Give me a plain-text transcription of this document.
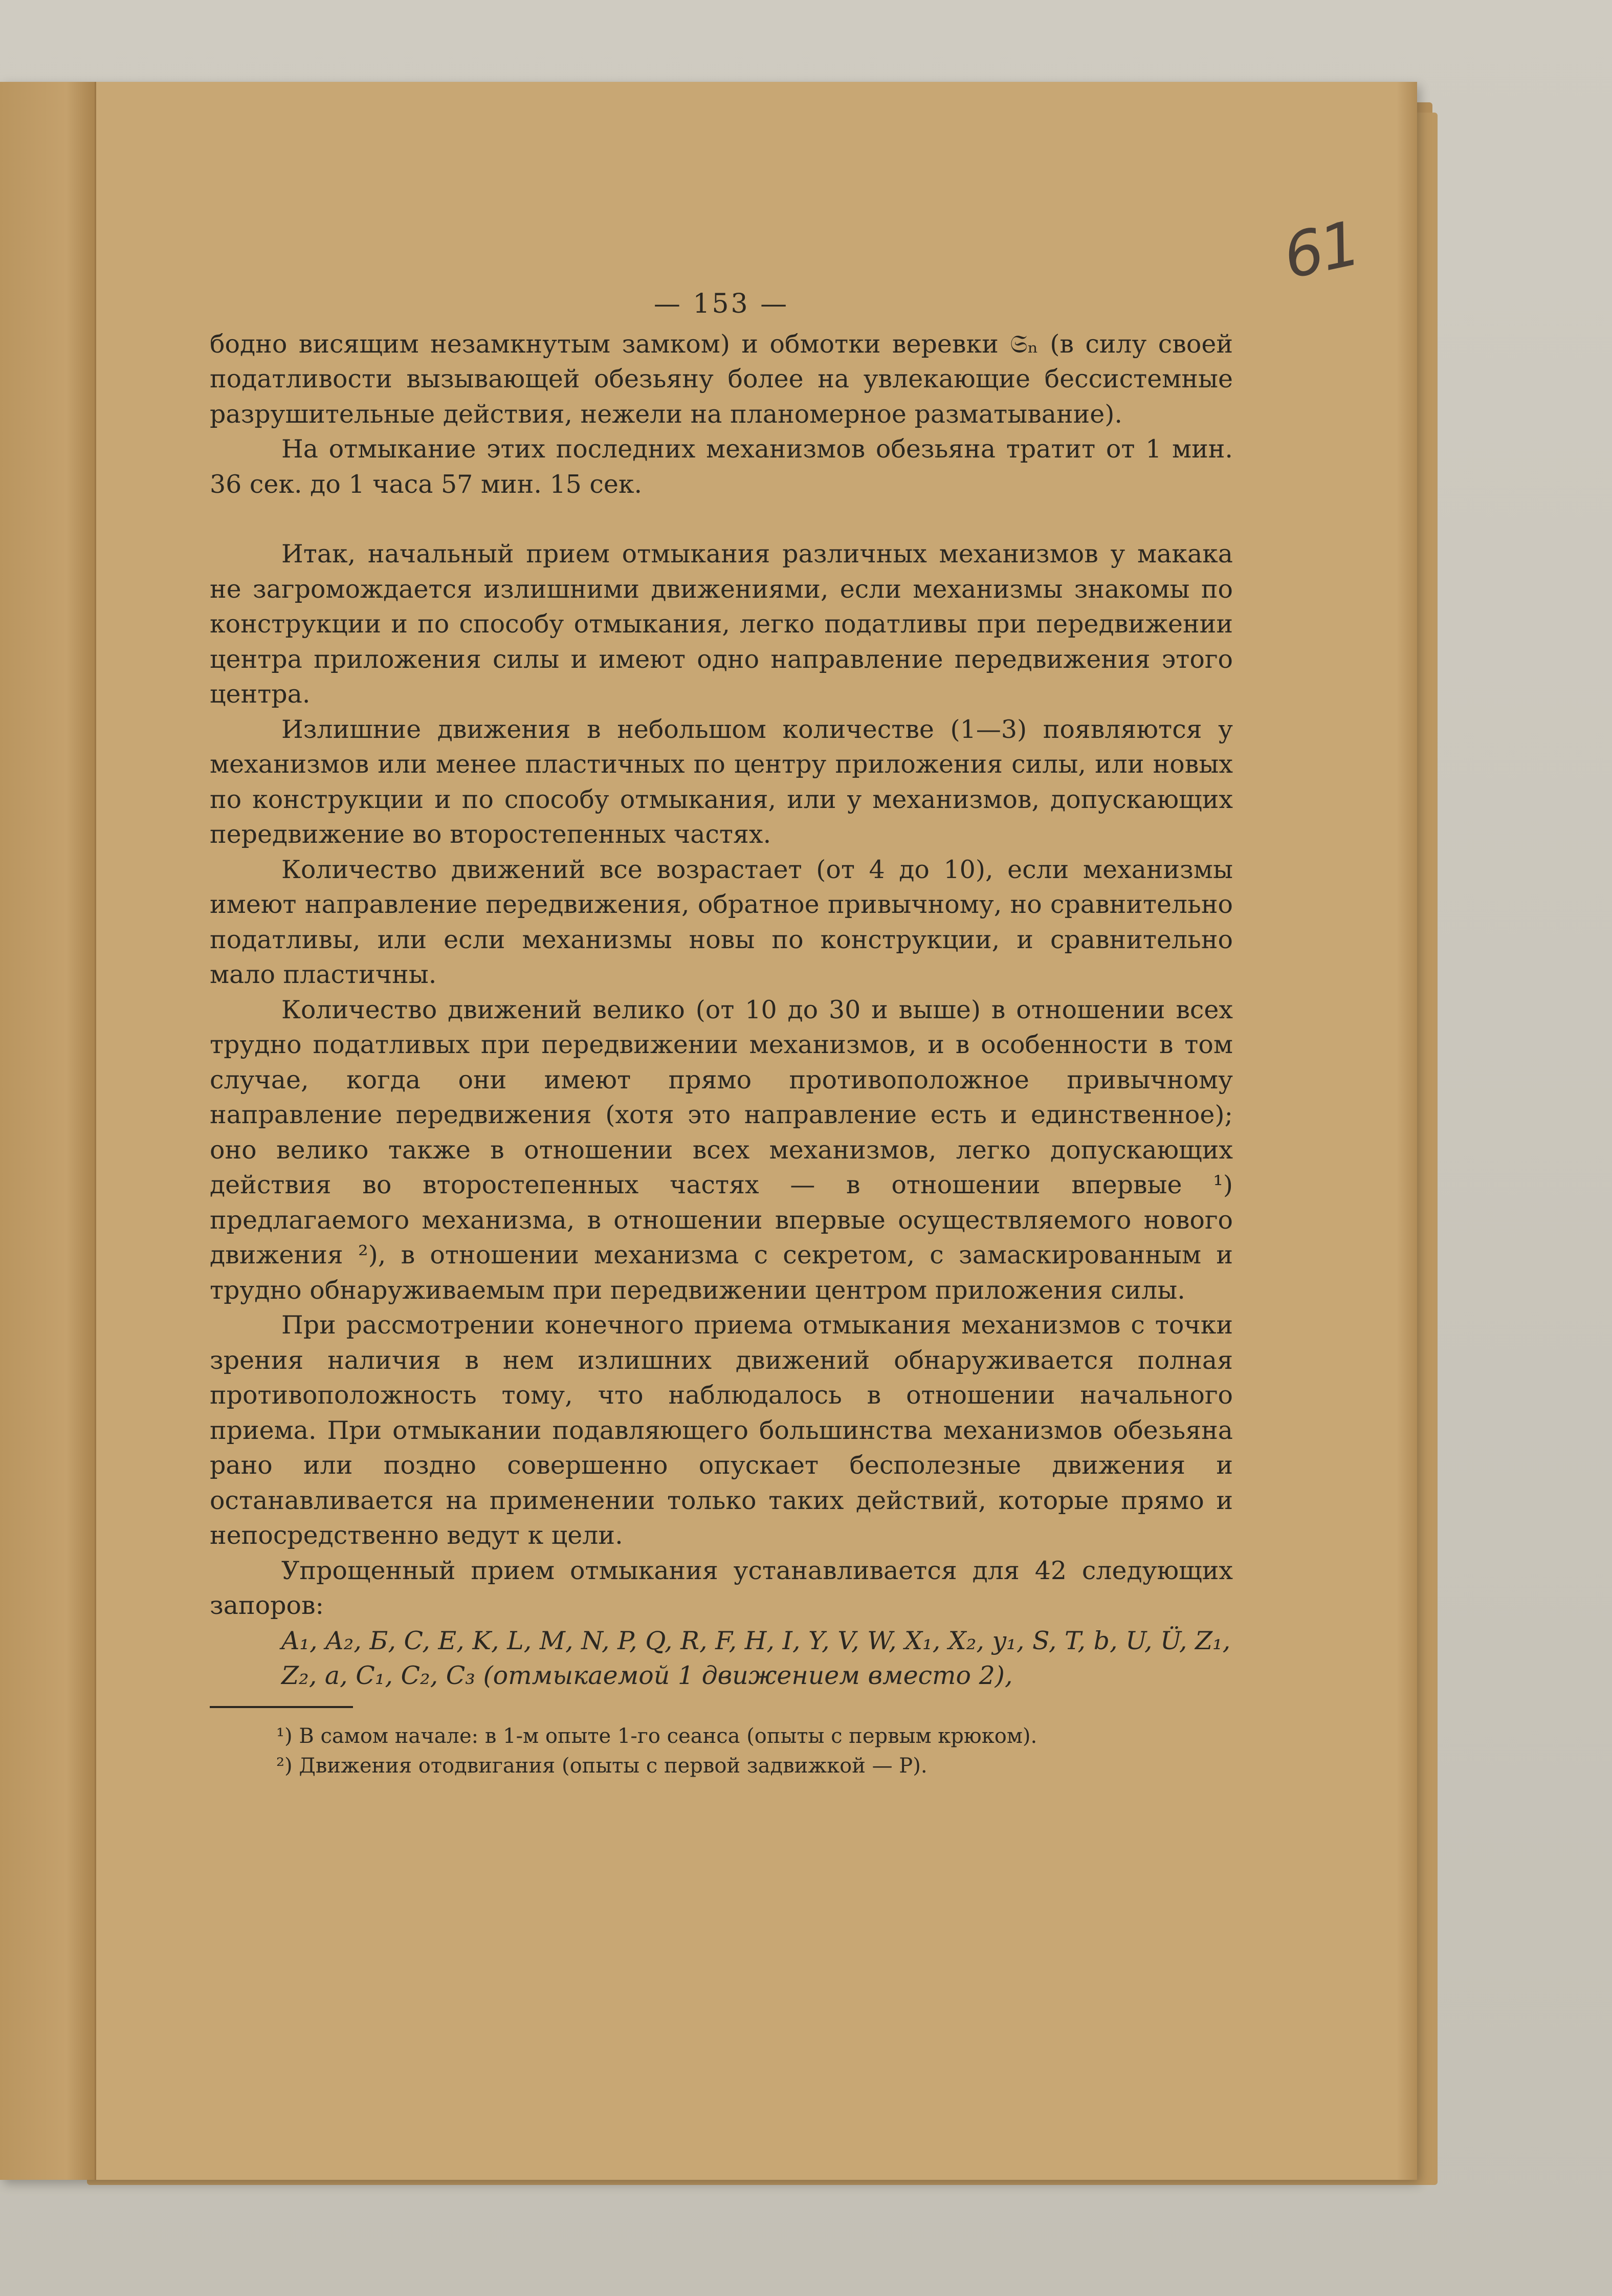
61
— 153 —

бодно висящим незамкнутым замком) и обмотки веревки 𝔖ₙ (в силу своей податливости вызывающей обезьяну более на увлекающие бессистемные разрушительные действия, нежели на планомерное разматывание).

На отмыкание этих последних механизмов обезьяна тратит от 1 мин. 36 сек. до 1 часа 57 мин. 15 сек.

Итак, начальный прием отмыкания различных механизмов у макака не загромождается излишними движениями, если механизмы знакомы по конструкции и по способу отмыкания, легко податливы при передвижении центра приложения силы и имеют одно направление передвижения этого центра.

Излишние движения в небольшом количестве (1—3) появляются у механизмов или менее пластичных по центру приложения силы, или новых по конструкции и по способу отмыкания, или у механизмов, допускающих передвижение во второстепенных частях.

Количество движений все возрастает (от 4 до 10), если механизмы имеют направление передвижения, обратное привычному, но сравнительно податливы, или если механизмы новы по конструкции, и сравнительно мало пластичны.

Количество движений велико (от 10 до 30 и выше) в отношении всех трудно податливых при передвижении механизмов, и в особенности в том случае, когда они имеют прямо противоположное привычному направление передвижения (хотя это направление есть и единственное); оно велико также в отношении всех механизмов, легко допускающих действия во второстепенных частях — в отношении впервые ¹) предлагаемого механизма, в отношении впервые осуществляемого нового движения ²), в отношении механизма с секретом, с замаскированным и трудно обнаруживаемым при передвижении центром приложения силы.

При рассмотрении конечного приема отмыкания механизмов с точки зрения наличия в нем излишних движений обнаруживается полная противоположность тому, что наблюдалось в отношении начального приема. При отмыкании подавляющего большинства механизмов обезьяна рано или поздно совершенно опускает бесполезные движения и останавливается на применении только таких действий, которые прямо и непосредственно ведут к цели.

Упрощенный прием отмыкания устанавливается для 42 следующих запоров:

A₁, A₂, Б, C, E, K, L, M, N, P, Q, R, F, H, I, Y, V, W, X₁, X₂, y₁, S, T, b, U, Ü, Z₁, Z₂, a, C₁, C₂, C₃ (отмыкаемой 1 движением вместо 2),

¹) В самом начале: в 1-м опыте 1-го сеанса (опыты с первым крюком).

²) Движения отодвигания (опыты с первой задвижкой — P).
